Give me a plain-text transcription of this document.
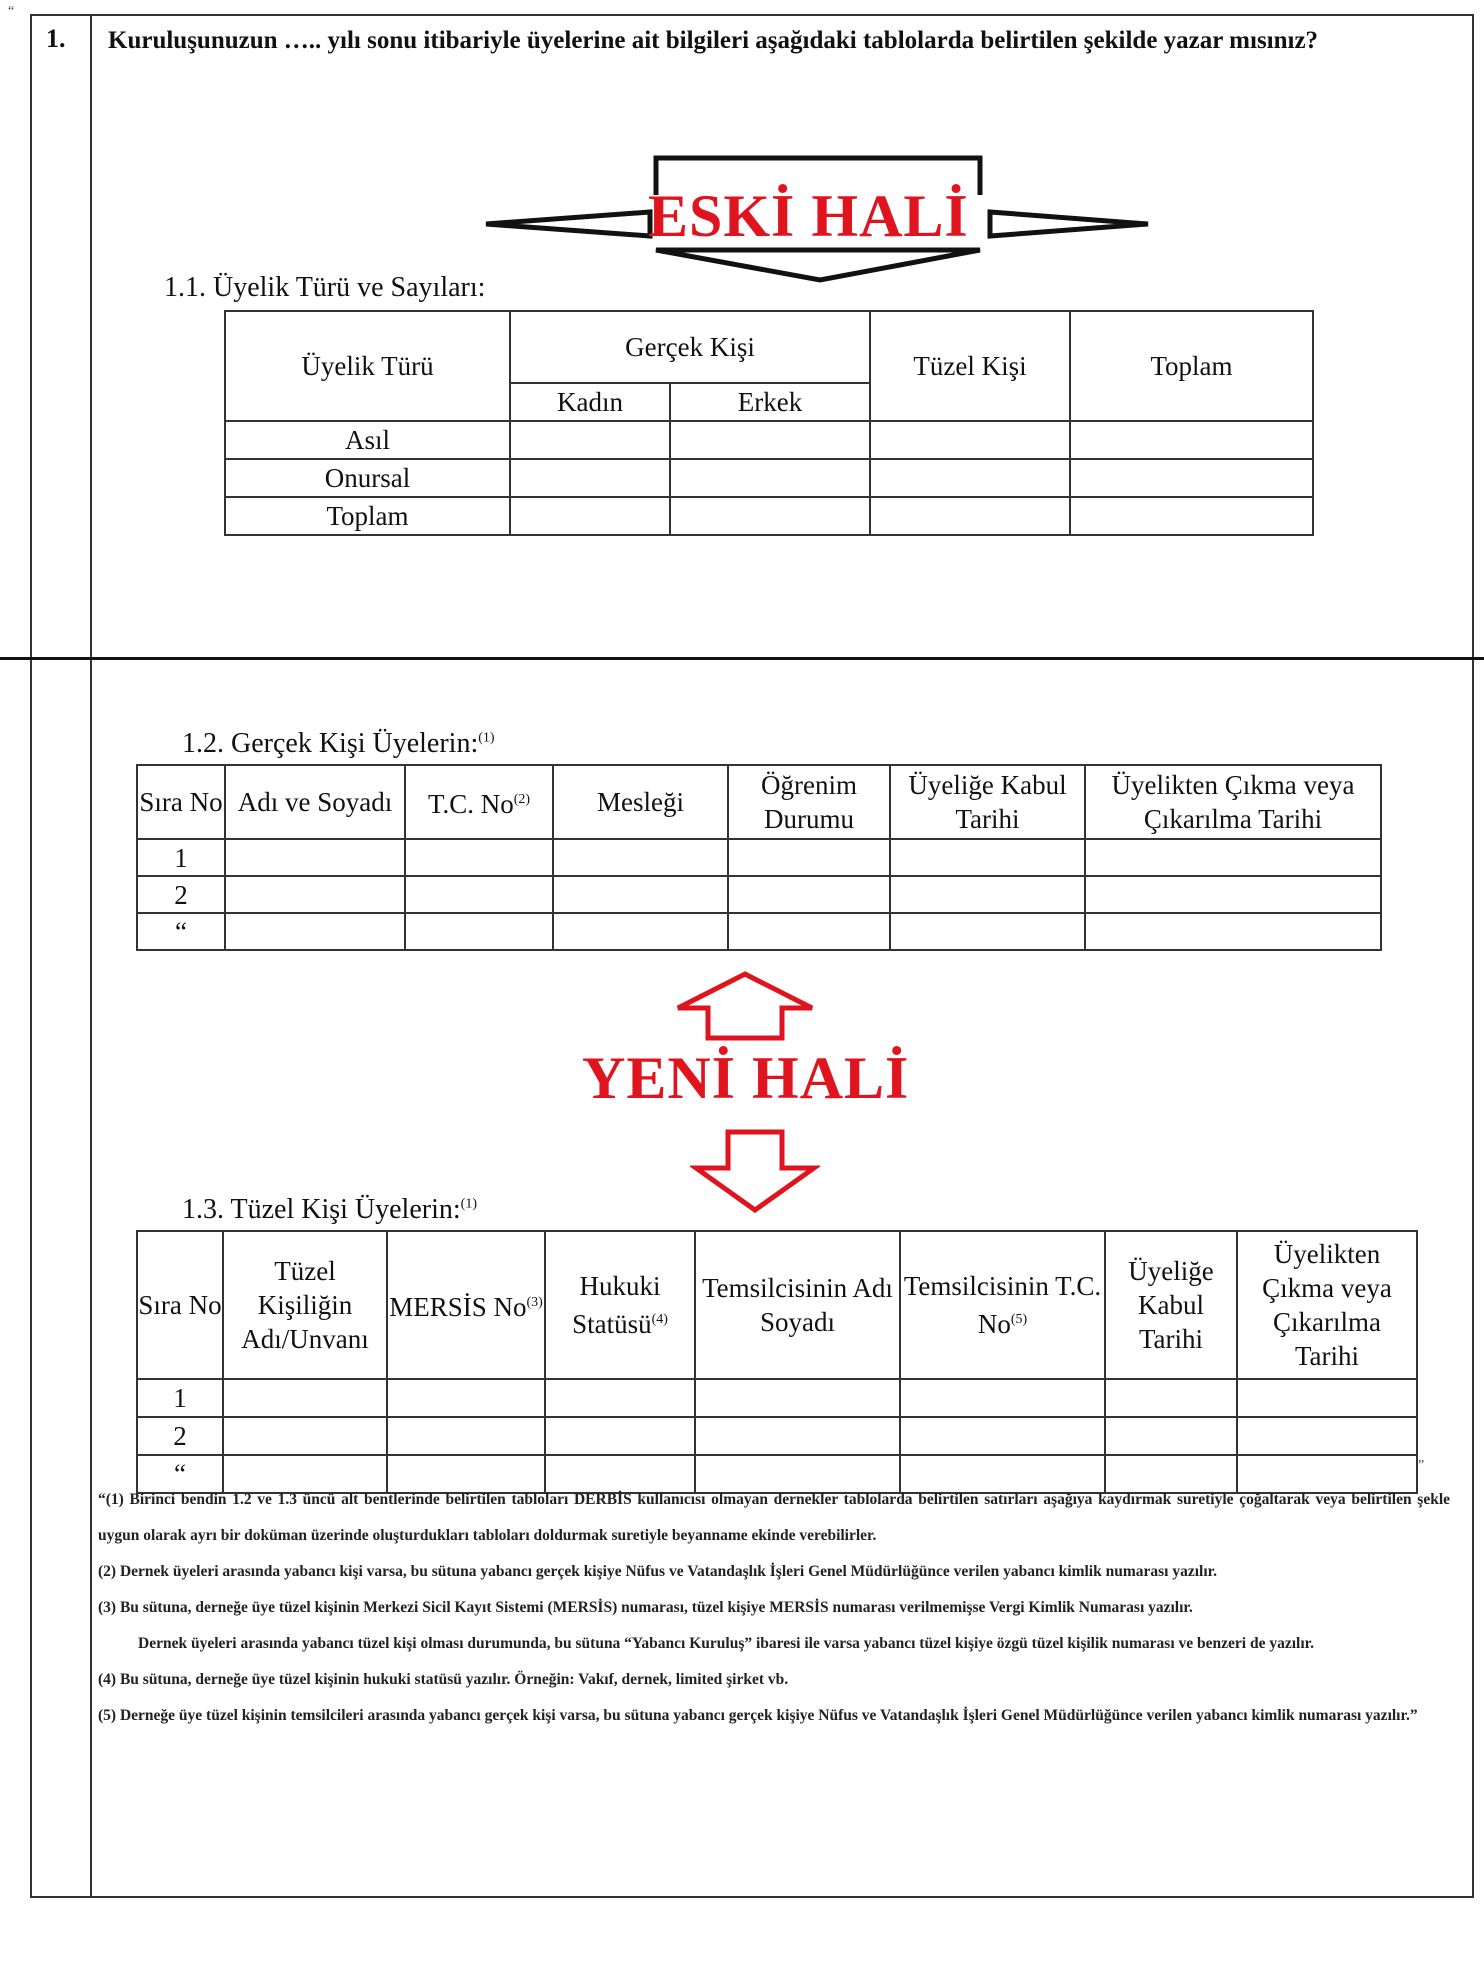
“
1. Kuruluşunuzun ….. yılı sonu itibariyle üyelerine ait bilgileri aşağıdaki tablolarda belirtilen şekilde yazar mısınız?
ESKİ HALİ
1.1. Üyelik Türü ve Sayıları:
Üyelik Türü	Gerçek Kişi		Tüzel Kişi	Toplam
	Kadın	Erkek		
Asıl				
Onursal				
Toplam				
1.2. Gerçek Kişi Üyelerin:$^{(1)}$
Sıra No	Adı ve Soyadı	T.C. No$^{(2)}$	Mesleği	Öğrenim Durumu	Üyeliğe Kabul Tarihi	Üyelikten Çıkma veya Çıkarılma Tarihi
1						
2						
“						
YENİ HALİ
1.3. Tüzel Kişi Üyelerin:$^{(1)}$
Sıra No	Tüzel Kişiliğin Adı/Unvanı	MERSİS No$^{(3)}$	Hukuki Statüsü$^{(4)}$	Temsilcisinin Adı Soyadı	Temsilcisinin T.C. No$^{(5)}$	Üyeliğe Kabul Tarihi	Üyelikten Çıkma veya Çıkarılma Tarihi
1							
2							
“								”

“(1) Birinci bendin 1.2 ve 1.3 üncü alt bentlerinde belirtilen tabloları DERBİS kullanıcısı olmayan dernekler tablolarda belirtilen satırları aşağıya kaydırmak suretiyle çoğaltarak veya belirtilen şekle uygun olarak ayrı bir doküman üzerinde oluşturdukları tabloları doldurmak suretiyle beyanname ekinde verebilirler.

(2) Dernek üyeleri arasında yabancı kişi varsa, bu sütuna yabancı gerçek kişiye Nüfus ve Vatandaşlık İşleri Genel Müdürlüğünce verilen yabancı kimlik numarası yazılır.

(3) Bu sütuna, derneğe üye tüzel kişinin Merkezi Sicil Kayıt Sistemi (MERSİS) numarası, tüzel kişiye MERSİS numarası verilmemişse Vergi Kimlik Numarası yazılır.

Dernek üyeleri arasında yabancı tüzel kişi olması durumunda, bu sütuna “Yabancı Kuruluş” ibaresi ile varsa yabancı tüzel kişiye özgü tüzel kişilik numarası ve benzeri de yazılır.

(4) Bu sütuna, derneğe üye tüzel kişinin hukuki statüsü yazılır. Örneğin: Vakıf, dernek, limited şirket vb.

(5) Derneğe üye tüzel kişinin temsilcileri arasında yabancı gerçek kişi varsa, bu sütuna yabancı gerçek kişiye Nüfus ve Vatandaşlık İşleri Genel Müdürlüğünce verilen yabancı kimlik numarası yazılır.”
